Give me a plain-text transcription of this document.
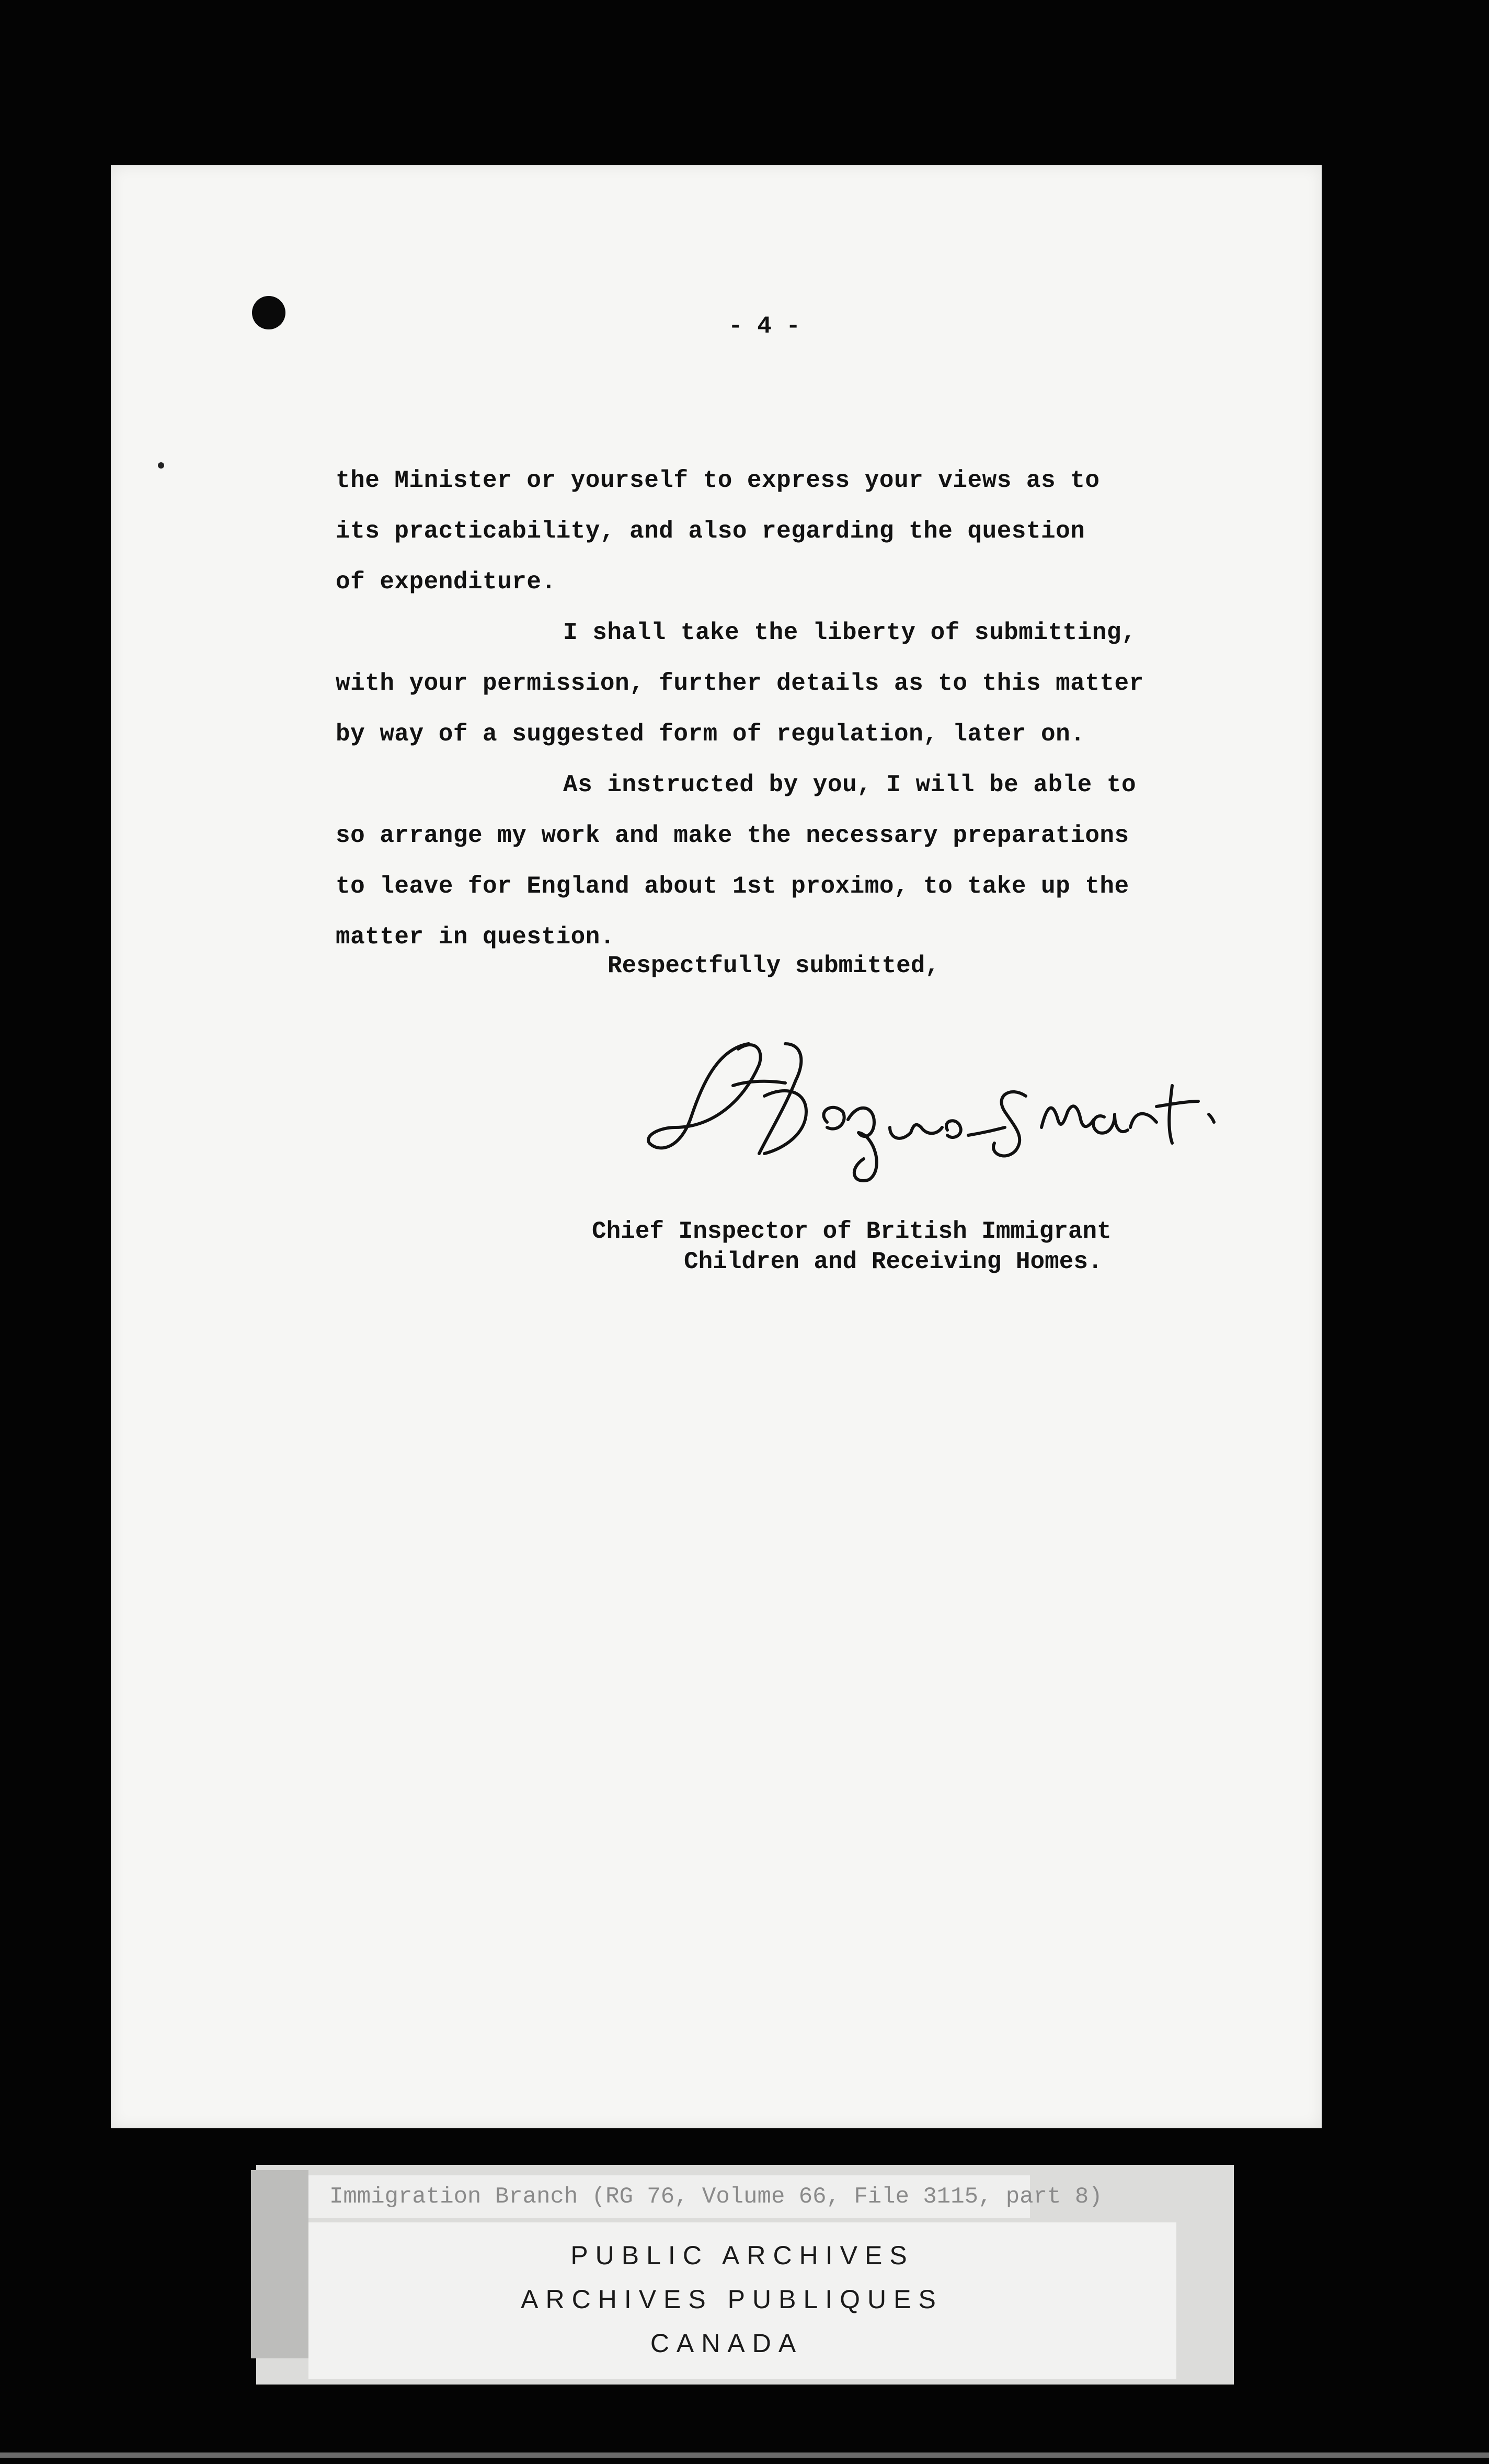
- 4 -
the Minister or yourself to express your views as to
its practicability, and also regarding the question
of expenditure.
I shall take the liberty of submitting,
with your permission, further details as to this matter
by way of a suggested form of regulation, later on.
As instructed by you, I will be able to
so arrange my work and make the necessary preparations
to leave for England about 1st proximo, to take up the
matter in question.
Respectfully submitted,
Chief Inspector of British Immigrant
Children and Receiving Homes.
Immigration Branch (RG 76, Volume 66, File 3115, part 8)
PUBLIC ARCHIVES
ARCHIVES PUBLIQUES
CANADA
